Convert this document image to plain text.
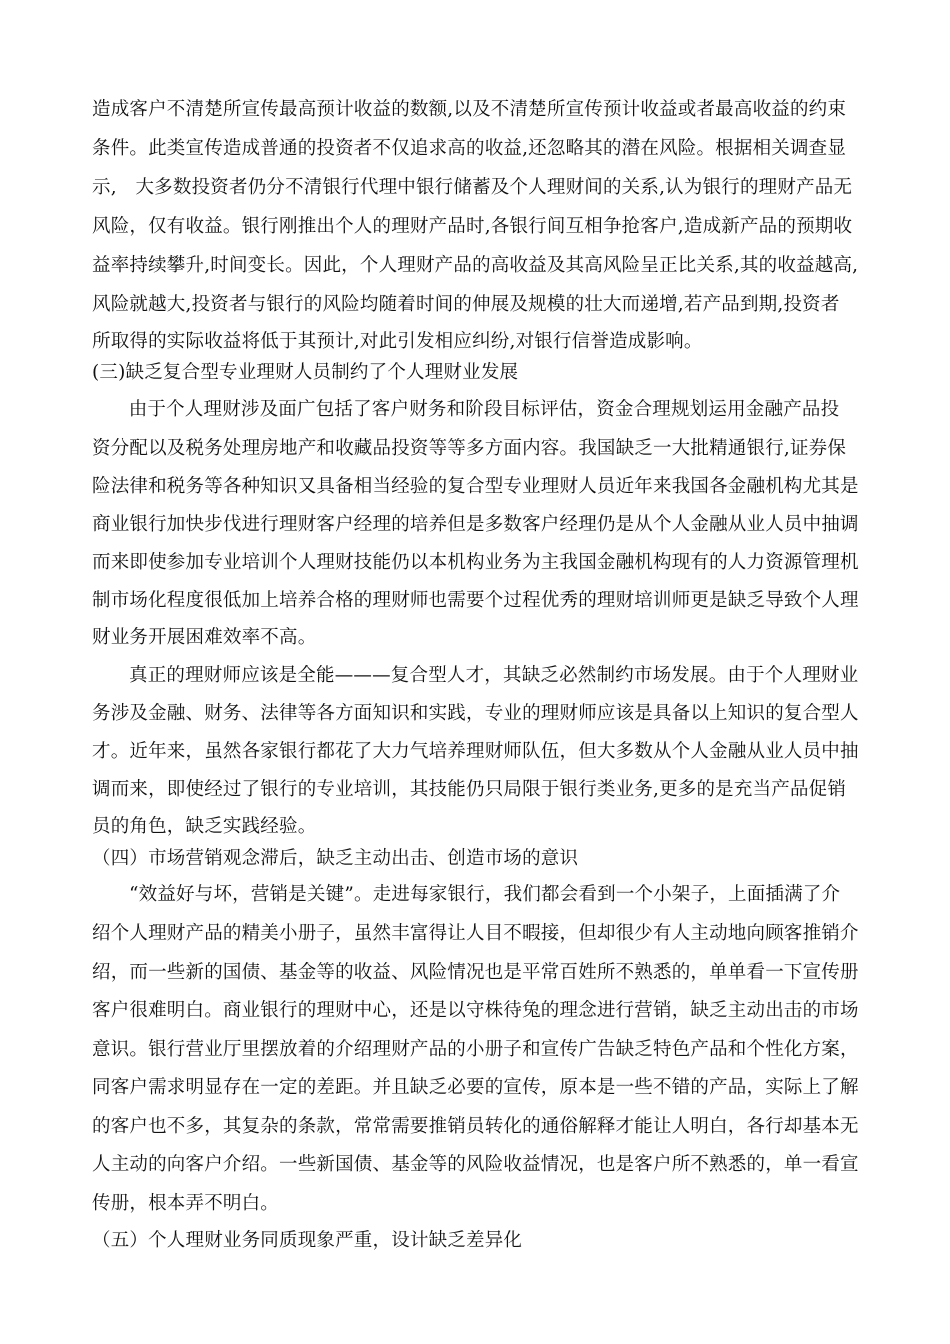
造成客户不清楚所宣传最高预计收益的数额,以及不清楚所宣传预计收益或者最高收益的约束
条件。此类宣传造成普通的投资者不仅追求高的收益,还忽略其的潜在风险。根据相关调查显
示,　大多数投资者仍分不清银行代理中银行储蓄及个人理财间的关系,认为银行的理财产品无
风险，仅有收益。银行刚推出个人的理财产品时,各银行间互相争抢客户,造成新产品的预期收
益率持续攀升,时间变长。因此，个人理财产品的高收益及其高风险呈正比关系,其的收益越高,
风险就越大,投资者与银行的风险均随着时间的伸展及规模的壮大而递增,若产品到期,投资者
所取得的实际收益将低于其预计,对此引发相应纠纷,对银行信誉造成影响。
(三)缺乏复合型专业理财人员制约了个人理财业发展
　由于个人理财涉及面广包括了客户财务和阶段目标评估，资金合理规划运用金融产品投
资分配以及税务处理房地产和收藏品投资等等多方面内容。我国缺乏一大批精通银行,证券保
险法律和税务等各种知识又具备相当经验的复合型专业理财人员近年来我国各金融机构尤其是
商业银行加快步伐进行理财客户经理的培养但是多数客户经理仍是从个人金融从业人员中抽调
而来即使参加专业培训个人理财技能仍以本机构业务为主我国金融机构现有的人力资源管理机
制市场化程度很低加上培养合格的理财师也需要个过程优秀的理财培训师更是缺乏导致个人理
财业务开展困难效率不高。
真正的理财师应该是全能———复合型人才，其缺乏必然制约市场发展。由于个人理财业
务涉及金融、财务、法律等各方面知识和实践，专业的理财师应该是具备以上知识的复合型人
才。近年来，虽然各家银行都花了大力气培养理财师队伍，但大多数从个人金融从业人员中抽
调而来，即使经过了银行的专业培训，其技能仍只局限于银行类业务,更多的是充当产品促销
员的角色，缺乏实践经验。
（四）市场营销观念滞后，缺乏主动出击、创造市场的意识
“效益好与坏，营销是关键”。走进每家银行，我们都会看到一个小架子，上面插满了介
绍个人理财产品的精美小册子，虽然丰富得让人目不暇接，但却很少有人主动地向顾客推销介
绍，而一些新的国债、基金等的收益、风险情况也是平常百姓所不熟悉的，单单看一下宣传册
客户很难明白。商业银行的理财中心，还是以守株待兔的理念进行营销，缺乏主动出击的市场
意识。银行营业厅里摆放着的介绍理财产品的小册子和宣传广告缺乏特色产品和个性化方案，
同客户需求明显存在一定的差距。并且缺乏必要的宣传，原本是一些不错的产品，实际上了解
的客户也不多，其复杂的条款，常常需要推销员转化的通俗解释才能让人明白，各行却基本无
人主动的向客户介绍。一些新国债、基金等的风险收益情况，也是客户所不熟悉的，单一看宣
传册，根本弄不明白。
（五）个人理财业务同质现象严重，设计缺乏差异化
